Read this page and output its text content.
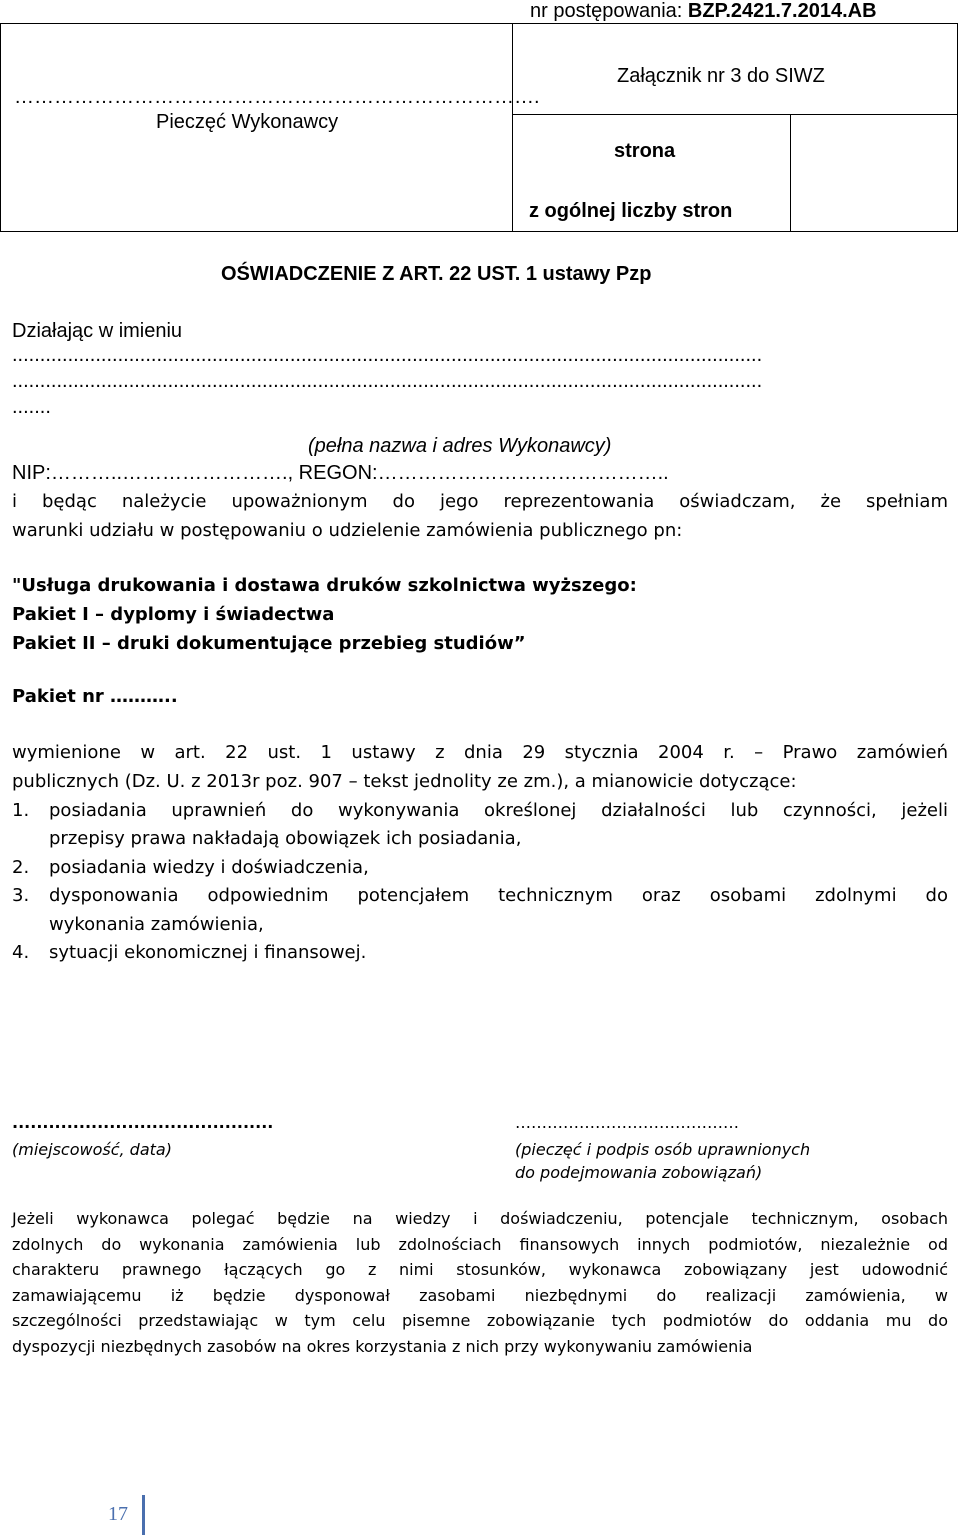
nr postępowania: BZP.2421.7.2014.AB
…………………………………………………………………….
Pieczęć Wykonawcy
Załącznik nr 3 do SIWZ
strona
z ogólnej liczby stron
OŚWIADCZENIE Z ART. 22 UST. 1 ustawy Pzp
Działając w imieniu
.......................................................................................................................................
.......................................................................................................................................
.......
(pełna nazwa i adres Wykonawcy)
NIP:………..……………………., REGON:……………………………………..
i będąc należycie upoważnionym do jego reprezentowania oświadczam, że spełniam
warunki udziału w postępowaniu o udzielenie zamówienia publicznego pn:
"Usługa drukowania i dostawa druków szkolnictwa wyższego:
Pakiet I – dyplomy i świadectwa
Pakiet II – druki dokumentujące przebieg studiów”
Pakiet nr ………..
wymienione w art. 22 ust. 1 ustawy z dnia 29 stycznia 2004 r. – Prawo zamówień
publicznych (Dz. U. z 2013r poz. 907 – tekst jednolity ze zm.), a mianowicie dotyczące:
1. posiadania uprawnień do wykonywania określonej działalności lub czynności, jeżeli
przepisy prawa nakładają obowiązek ich posiadania,
2. posiadania wiedzy i doświadczenia,
3. dysponowania odpowiednim potencjałem technicznym oraz osobami zdolnymi do
wykonania zamówienia,
4. sytuacji ekonomicznej i finansowej.
...........................................
(miejscowość, data)
……………………………………
(pieczęć i podpis osób uprawnionych
do podejmowania zobowiązań)
Jeżeli wykonawca polegać będzie na wiedzy i doświadczeniu, potencjale technicznym, osobach
zdolnych do wykonania zamówienia lub zdolnościach finansowych innych podmiotów, niezależnie od
charakteru prawnego łączących go z nimi stosunków, wykonawca zobowiązany jest udowodnić
zamawiającemu iż będzie dysponował zasobami niezbędnymi do realizacji zamówienia, w
szczególności przedstawiając w tym celu pisemne zobowiązanie tych podmiotów do oddania mu do
dyspozycji niezbędnych zasobów na okres korzystania z nich przy wykonywaniu zamówienia
17
